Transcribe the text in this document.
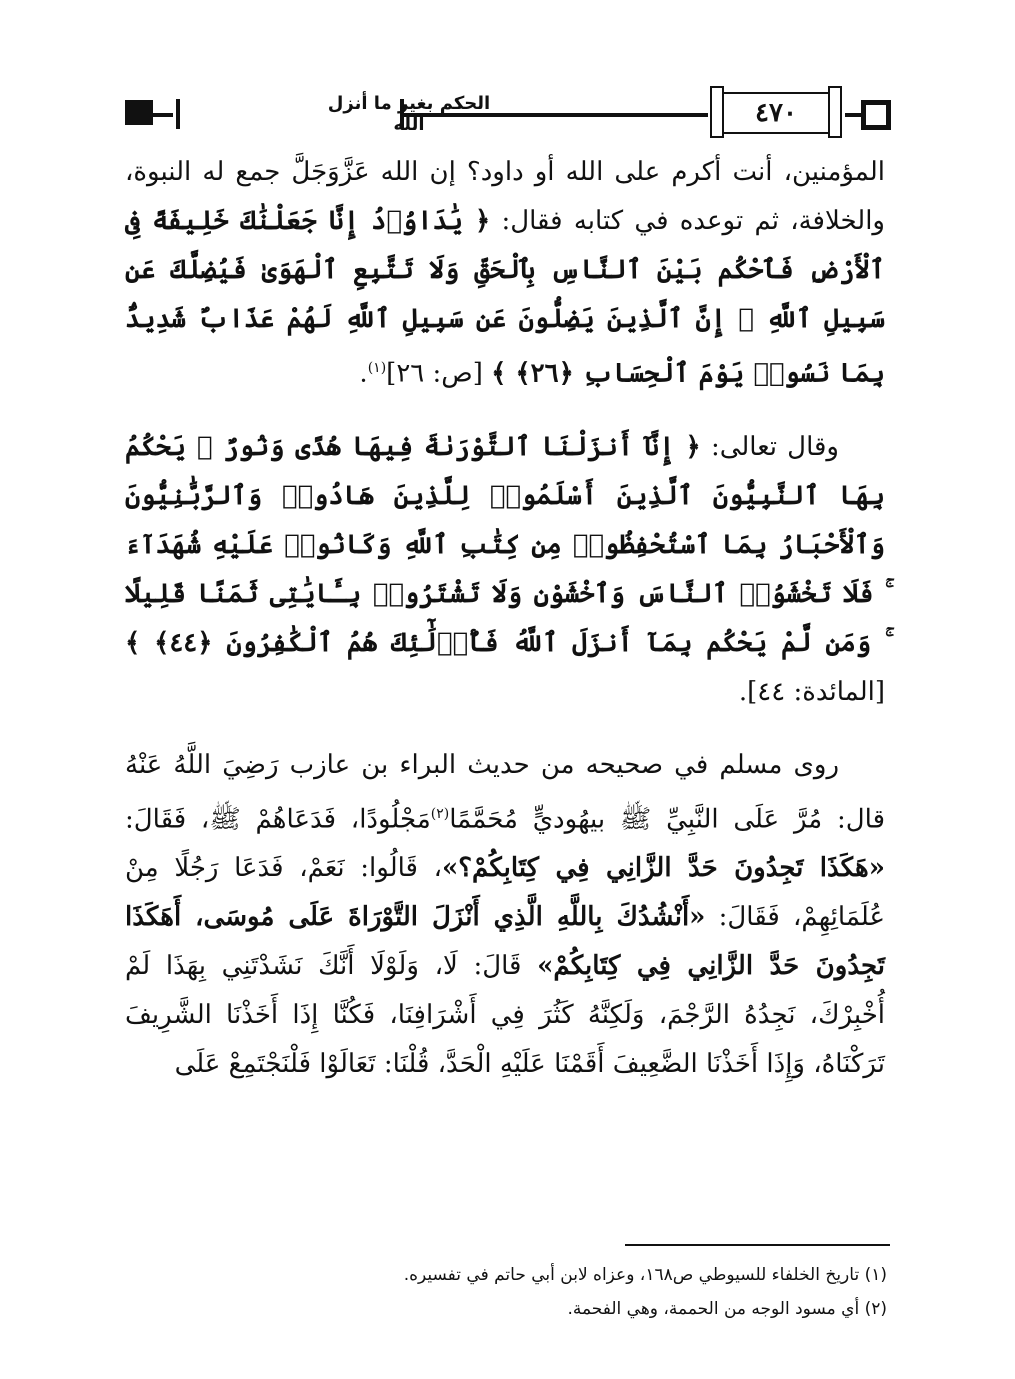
الحكم بغير ما أنزل الله	٤٧٠

المؤمنين، أنت أكرم على الله أو داود؟ إن الله عَزَّوَجَلَّ جمع له النبوة، والخلافة، ثم توعده في كتابه فقال: ﴿ يَٰدَاوُۥدُ إِنَّا جَعَلْنَٰكَ خَلِيفَةً فِى ٱلْأَرْضِ فَٱحْكُم بَيْنَ ٱلنَّاسِ بِٱلْحَقِّ وَلَا تَتَّبِعِ ٱلْهَوَىٰ فَيُضِلَّكَ عَن سَبِيلِ ٱللَّهِ ۚ إِنَّ ٱلَّذِينَ يَضِلُّونَ عَن سَبِيلِ ٱللَّهِ لَهُمْ عَذَابٌ شَدِيدٌۢ بِمَا نَسُوا۟ يَوْمَ ٱلْحِسَابِ ﴿٢٦﴾ ﴾ [ص: ٢٦]$^{(١)}$.

وقال تعالى: ﴿ إِنَّآ أَنزَلْنَا ٱلتَّوْرَىٰةَ فِيهَا هُدًى وَنُورٌ ۚ يَحْكُمُ بِهَا ٱلنَّبِيُّونَ ٱلَّذِينَ أَسْلَمُوا۟ لِلَّذِينَ هَادُوا۟ وَٱلرَّبَّٰنِيُّونَ وَٱلْأَحْبَارُ بِمَا ٱسْتُحْفِظُوا۟ مِن كِتَٰبِ ٱللَّهِ وَكَانُوا۟ عَلَيْهِ شُهَدَآءَ ۚ فَلَا تَخْشَوُا۟ ٱلنَّاسَ وَٱخْشَوْنِ وَلَا تَشْتَرُوا۟ بِـَٔايَٰتِى ثَمَنًا قَلِيلًا ۚ وَمَن لَّمْ يَحْكُم بِمَآ أَنزَلَ ٱللَّهُ فَأُو۟لَٰٓئِكَ هُمُ ٱلْكَٰفِرُونَ ﴿٤٤﴾ ﴾ [المائدة: ٤٤].

روى مسلم في صحيحه من حديث البراء بن عازب رَضِيَ اللَّهُ عَنْهُ قال: مُرَّ عَلَى النَّبِيِّ ﷺ بيهُوديٍّ مُحَمَّمًا$^{(٢)}$مَجْلُودًا، فَدَعَاهُمْ ﷺ، فَقَالَ: «هَكَذَا تَجِدُونَ حَدَّ الزَّانِي فِي كِتَابِكُمْ؟»، قَالُوا: نَعَمْ، فَدَعَا رَجُلًا مِنْ عُلَمَائِهِمْ، فَقَالَ: «أَنْشُدُكَ بِاللَّهِ الَّذِي أَنْزَلَ التَّوْرَاةَ عَلَى مُوسَى، أَهَكَذَا تَجِدُونَ حَدَّ الزَّانِي فِي كِتَابِكُمْ» قَالَ: لَا، وَلَوْلَا أَنَّكَ نَشَدْتَنِي بِهَذَا لَمْ أُخْبِرْكَ، نَجِدُهُ الرَّجْمَ، وَلَكِنَّهُ كَثُرَ فِي أَشْرَافِنَا، فَكُنَّا إِذَا أَخَذْنَا الشَّرِيفَ تَرَكْنَاهُ، وَإِذَا أَخَذْنَا الضَّعِيفَ أَقَمْنَا عَلَيْهِ الْحَدَّ، قُلْنَا: تَعَالَوْا فَلْنَجْتَمِعْ عَلَى

(١) تاريخ الخلفاء للسيوطي ص١٦٨، وعزاه لابن أبي حاتم في تفسيره.
(٢) أي مسود الوجه من الحممة، وهي الفحمة.
